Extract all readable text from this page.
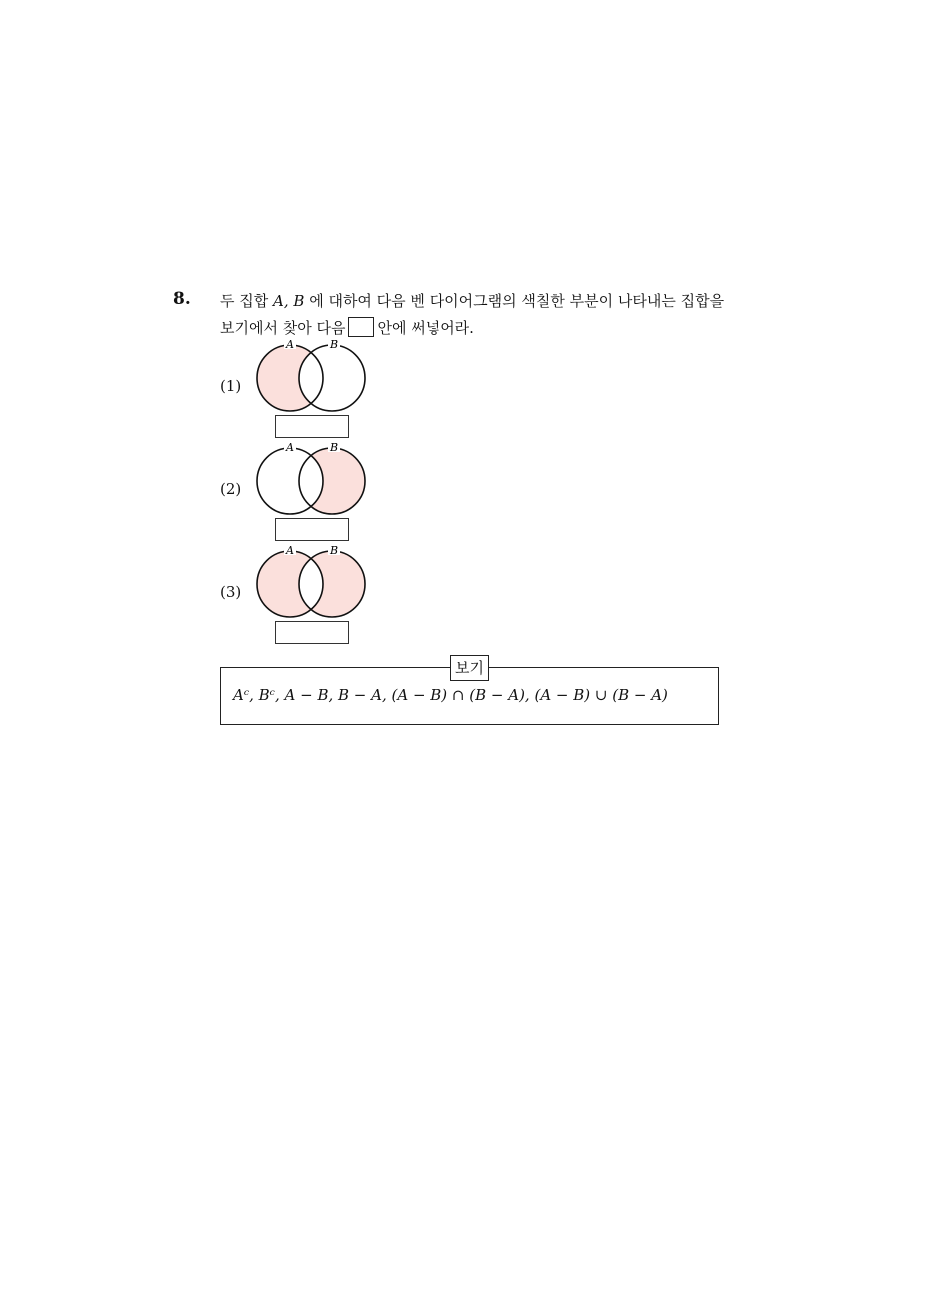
8. 두 집합 A, B 에 대하여 다음 벤 다이어그램의 색칠한 부분이 나타내는 집합을
보기에서 찾아 다음 안에 써넣어라.
(1)
A	B
(2)
A	B
(3)
A	B
보기
Aᶜ, Bᶜ, A − B, B − A, (A − B) ∩ (B − A), (A − B) ∪ (B − A)
